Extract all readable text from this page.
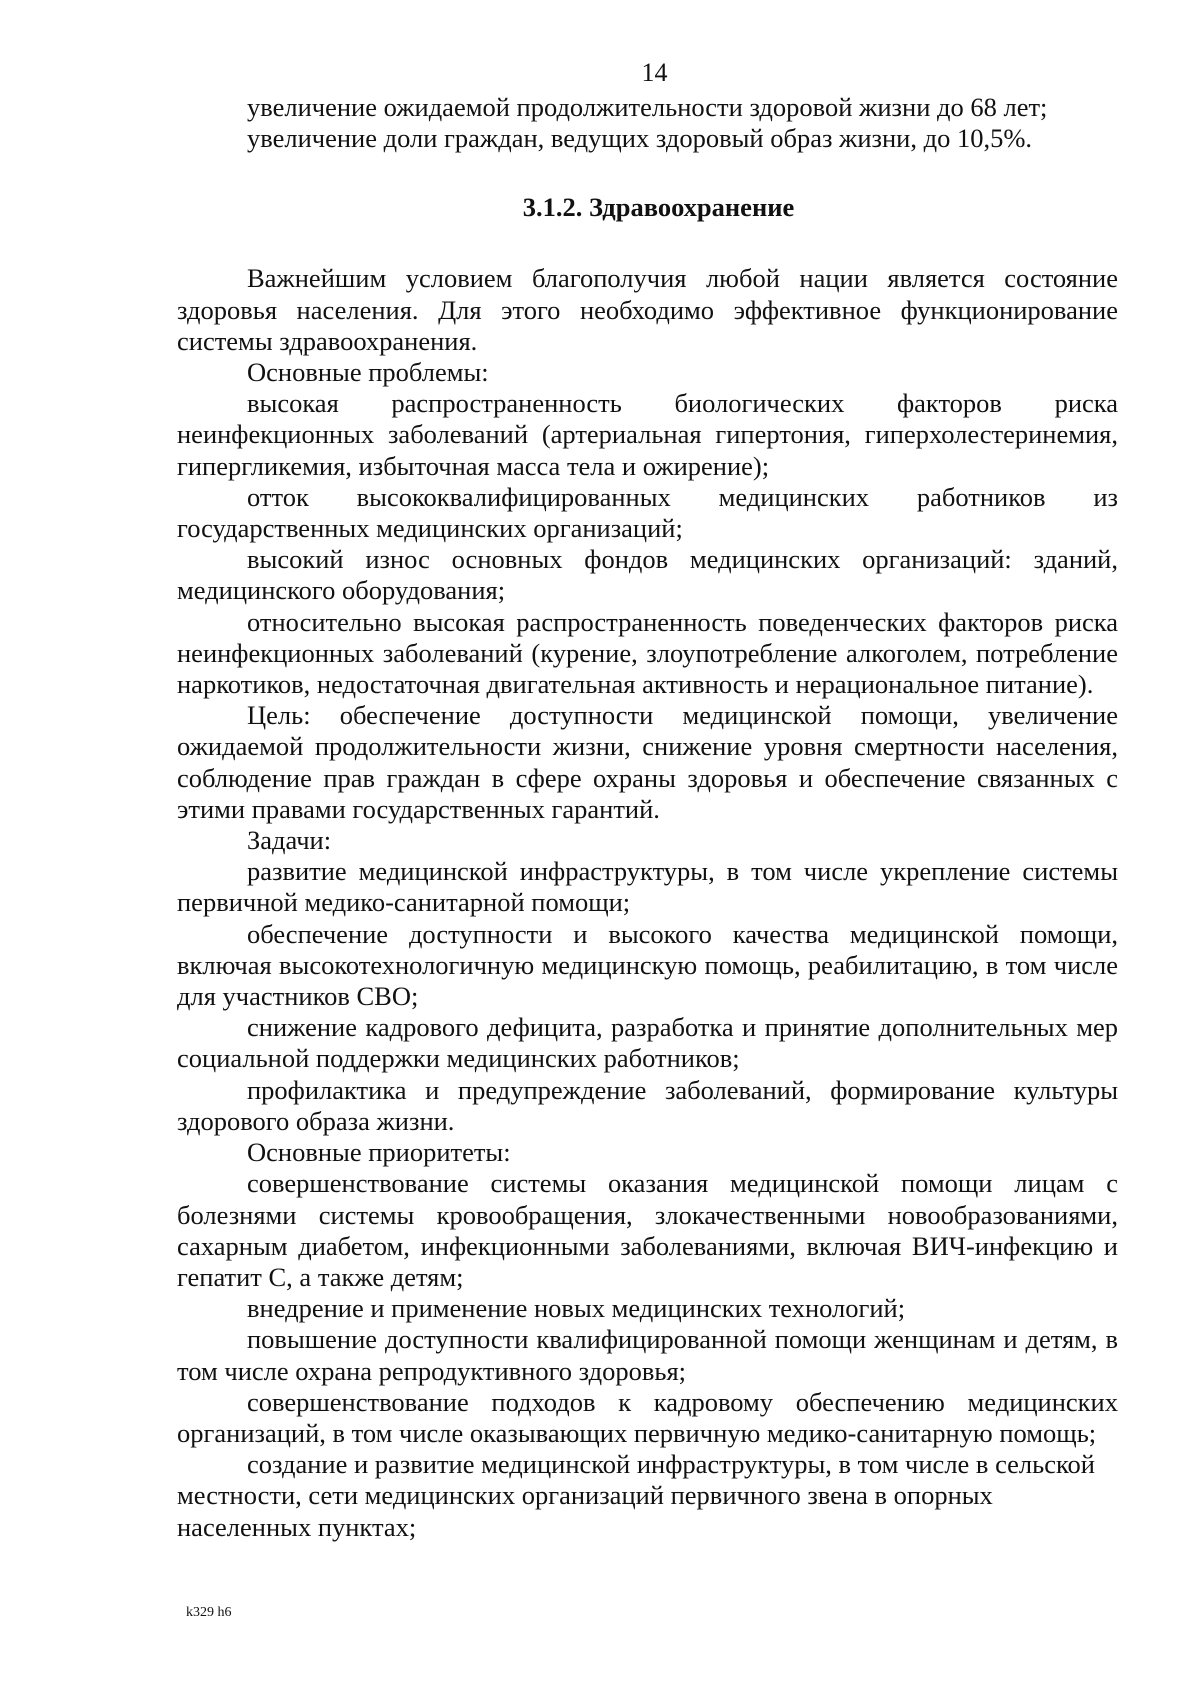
14

увеличение ожидаемой продолжительности здоровой жизни до 68 лет;

увеличение доли граждан, ведущих здоровый образ жизни, до 10,5%.

3.1.2. Здравоохранение

Важнейшим условием благополучия любой нации является состояние здоровья населения. Для этого необходимо эффективное функционирование системы здравоохранения.

Основные проблемы:

высокая распространенность биологических факторов риска неинфекционных заболеваний (артериальная гипертония, гиперхолестеринемия, гипергликемия, избыточная масса тела и ожирение);

отток высококвалифицированных медицинских работников из государственных медицинских организаций;

высокий износ основных фондов медицинских организаций: зданий, медицинского оборудования;

относительно высокая распространенность поведенческих факторов риска неинфекционных заболеваний (курение, злоупотребление алкоголем, потребление наркотиков, недостаточная двигательная активность и нерациональное питание).

Цель: обеспечение доступности медицинской помощи, увеличение ожидаемой продолжительности жизни, снижение уровня смертности населения, соблюдение прав граждан в сфере охраны здоровья и обеспечение связанных с этими правами государственных гарантий.

Задачи:

развитие медицинской инфраструктуры, в том числе укрепление системы первичной медико-санитарной помощи;

обеспечение доступности и высокого качества медицинской помощи, включая высокотехнологичную медицинскую помощь, реабилитацию, в том числе для участников СВО;

снижение кадрового дефицита, разработка и принятие дополнительных мер социальной поддержки медицинских работников;

профилактика и предупреждение заболеваний, формирование культуры здорового образа жизни.

Основные приоритеты:

совершенствование системы оказания медицинской помощи лицам с болезнями системы кровообращения, злокачественными новообразованиями, сахарным диабетом, инфекционными заболеваниями, включая ВИЧ-инфекцию и гепатит С, а также детям;

внедрение и применение новых медицинских технологий;

повышение доступности квалифицированной помощи женщинам и детям, в том числе охрана репродуктивного здоровья;

совершенствование подходов к кадровому обеспечению медицинских организаций, в том числе оказывающих первичную медико-санитарную помощь;

создание и развитие медицинской инфраструктуры, в том числе в сельской местности, сети медицинских организаций первичного звена в опорных населенных пунктах;

k329 h6
